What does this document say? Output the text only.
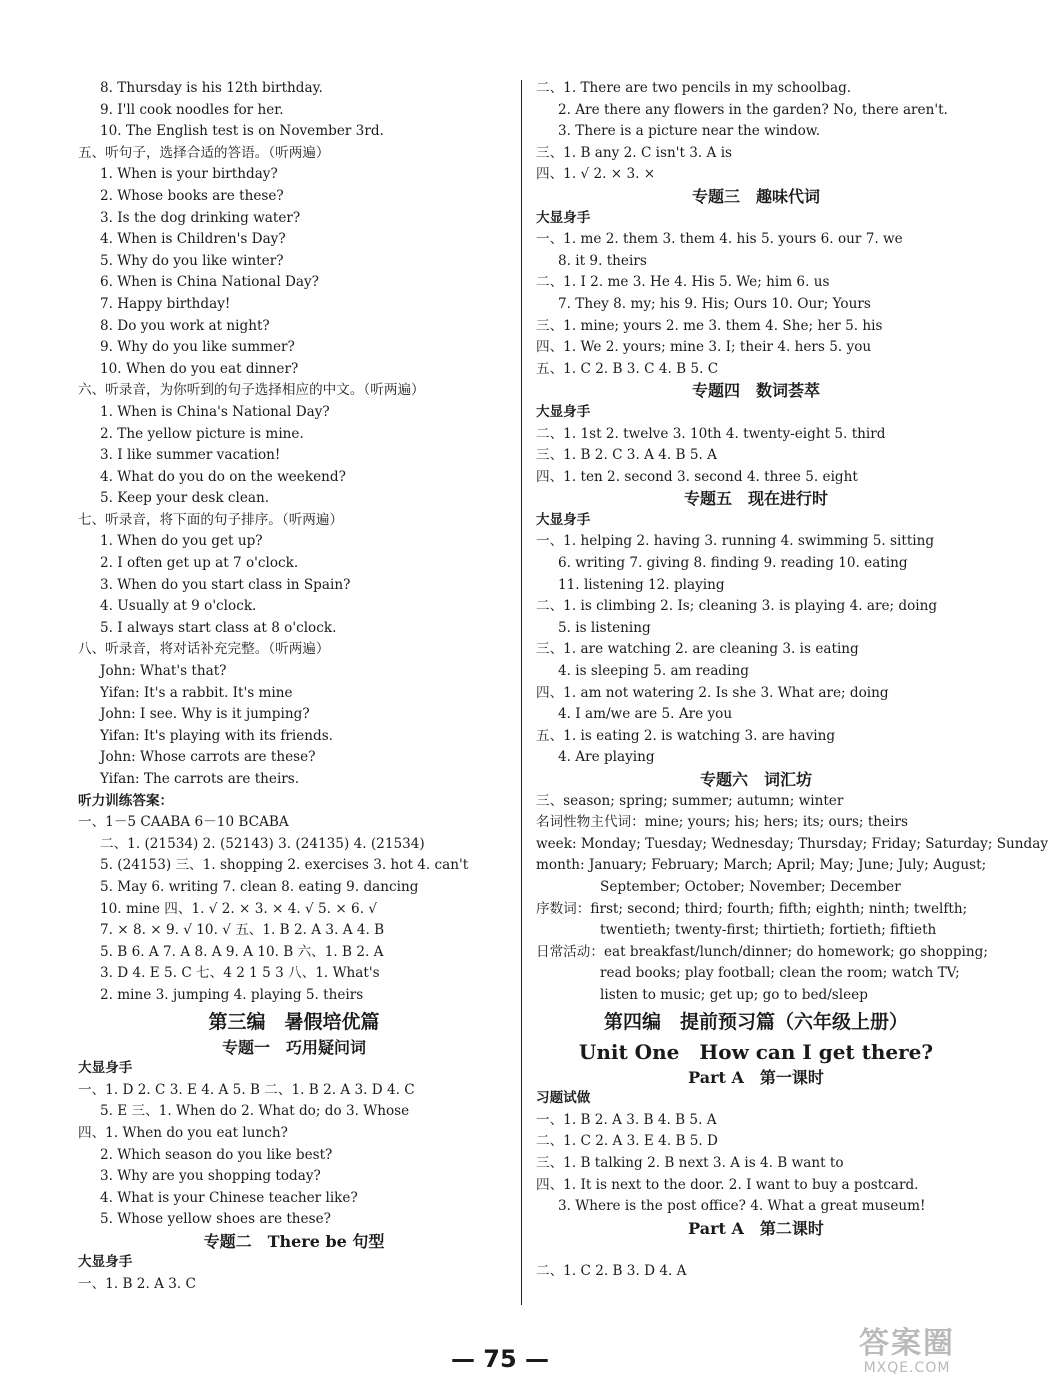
8. Thursday is his 12th birthday.
9. I'll cook noodles for her.
10. The English test is on November 3rd.
五、听句子，选择合适的答语。（听两遍）
1. When is your birthday?
2. Whose books are these?
3. Is the dog drinking water?
4. When is Children's Day?
5. Why do you like winter?
6. When is China National Day?
7. Happy birthday!
8. Do you work at night?
9. Why do you like summer?
10. When do you eat dinner?
六、听录音，为你听到的句子选择相应的中文。（听两遍）
1. When is China's National Day?
2. The yellow picture is mine.
3. I like summer vacation!
4. What do you do on the weekend?
5. Keep your desk clean.
七、听录音，将下面的句子排序。（听两遍）
1. When do you get up?
2. I often get up at 7 o'clock.
3. When do you start class in Spain?
4. Usually at 9 o'clock.
5. I always start class at 8 o'clock.
八、听录音，将对话补充完整。（听两遍）
John: What's that?
Yifan: It's a rabbit. It's mine
John: I see. Why is it jumping?
Yifan: It's playing with its friends.
John: Whose carrots are these?
Yifan: The carrots are theirs.
听力训练答案：
一、1－5 CAABA 6－10 BCABA
二、1. (21534) 2. (52143) 3. (24135) 4. (21534)
5. (24153) 三、1. shopping 2. exercises 3. hot 4. can't
5. May 6. writing 7. clean 8. eating 9. dancing
10. mine 四、1. √ 2. × 3. × 4. √ 5. × 6. √
7. × 8. × 9. √ 10. √ 五、1. B 2. A 3. A 4. B
5. B 6. A 7. A 8. A 9. A 10. B 六、1. B 2. A
3. D 4. E 5. C 七、4 2 1 5 3 八、1. What's
2. mine 3. jumping 4. playing 5. theirs
第三编　暑假培优篇
专题一　巧用疑问词
大显身手
一、1. D 2. C 3. E 4. A 5. B 二、1. B 2. A 3. D 4. C
5. E 三、1. When do 2. What do; do 3. Whose
四、1. When do you eat lunch?
2. Which season do you like best?
3. Why are you shopping today?
4. What is your Chinese teacher like?
5. Whose yellow shoes are these?
专题二　There be 句型
大显身手
一、1. B 2. A 3. C
二、1. There are two pencils in my schoolbag.
2. Are there any flowers in the garden? No, there aren't.
3. There is a picture near the window.
三、1. B any 2. C isn't 3. A is
四、1. √ 2. × 3. ×
专题三　趣味代词
大显身手
一、1. me 2. them 3. them 4. his 5. yours 6. our 7. we
8. it 9. theirs
二、1. I 2. me 3. He 4. His 5. We; him 6. us
7. They 8. my; his 9. His; Ours 10. Our; Yours
三、1. mine; yours 2. me 3. them 4. She; her 5. his
四、1. We 2. yours; mine 3. I; their 4. hers 5. you
五、1. C 2. B 3. C 4. B 5. C
专题四　数词荟萃
大显身手
二、1. 1st 2. twelve 3. 10th 4. twenty-eight 5. third
三、1. B 2. C 3. A 4. B 5. A
四、1. ten 2. second 3. second 4. three 5. eight
专题五　现在进行时
大显身手
一、1. helping 2. having 3. running 4. swimming 5. sitting
6. writing 7. giving 8. finding 9. reading 10. eating
11. listening 12. playing
二、1. is climbing 2. Is; cleaning 3. is playing 4. are; doing
5. is listening
三、1. are watching 2. are cleaning 3. is eating
4. is sleeping 5. am reading
四、1. am not watering 2. Is she 3. What are; doing
4. I am/we are 5. Are you
五、1. is eating 2. is watching 3. are having
4. Are playing
专题六　词汇坊
三、season; spring; summer; autumn; winter
名词性物主代词：mine; yours; his; hers; its; ours; theirs
week: Monday; Tuesday; Wednesday; Thursday; Friday; Saturday; Sunday
month: January; February; March; April; May; June; July; August;
September; October; November; December
序数词：first; second; third; fourth; fifth; eighth; ninth; twelfth;
twentieth; twenty-first; thirtieth; fortieth; fiftieth
日常活动：eat breakfast/lunch/dinner; do homework; go shopping;
read books; play football; clean the room; watch TV;
listen to music; get up; go to bed/sleep
第四编　提前预习篇（六年级上册）
Unit One　How can I get there?
Part A　第一课时
习题试做
一、1. B 2. A 3. B 4. B 5. A
二、1. C 2. A 3. E 4. B 5. D
三、1. B talking 2. B next 3. A is 4. B want to
四、1. It is next to the door. 2. I want to buy a postcard.
3. Where is the post office? 4. What a great museum!
Part A　第二课时
二、1. C 2. B 3. D 4. A
— 75 —	答案圈
MXQE.COM
